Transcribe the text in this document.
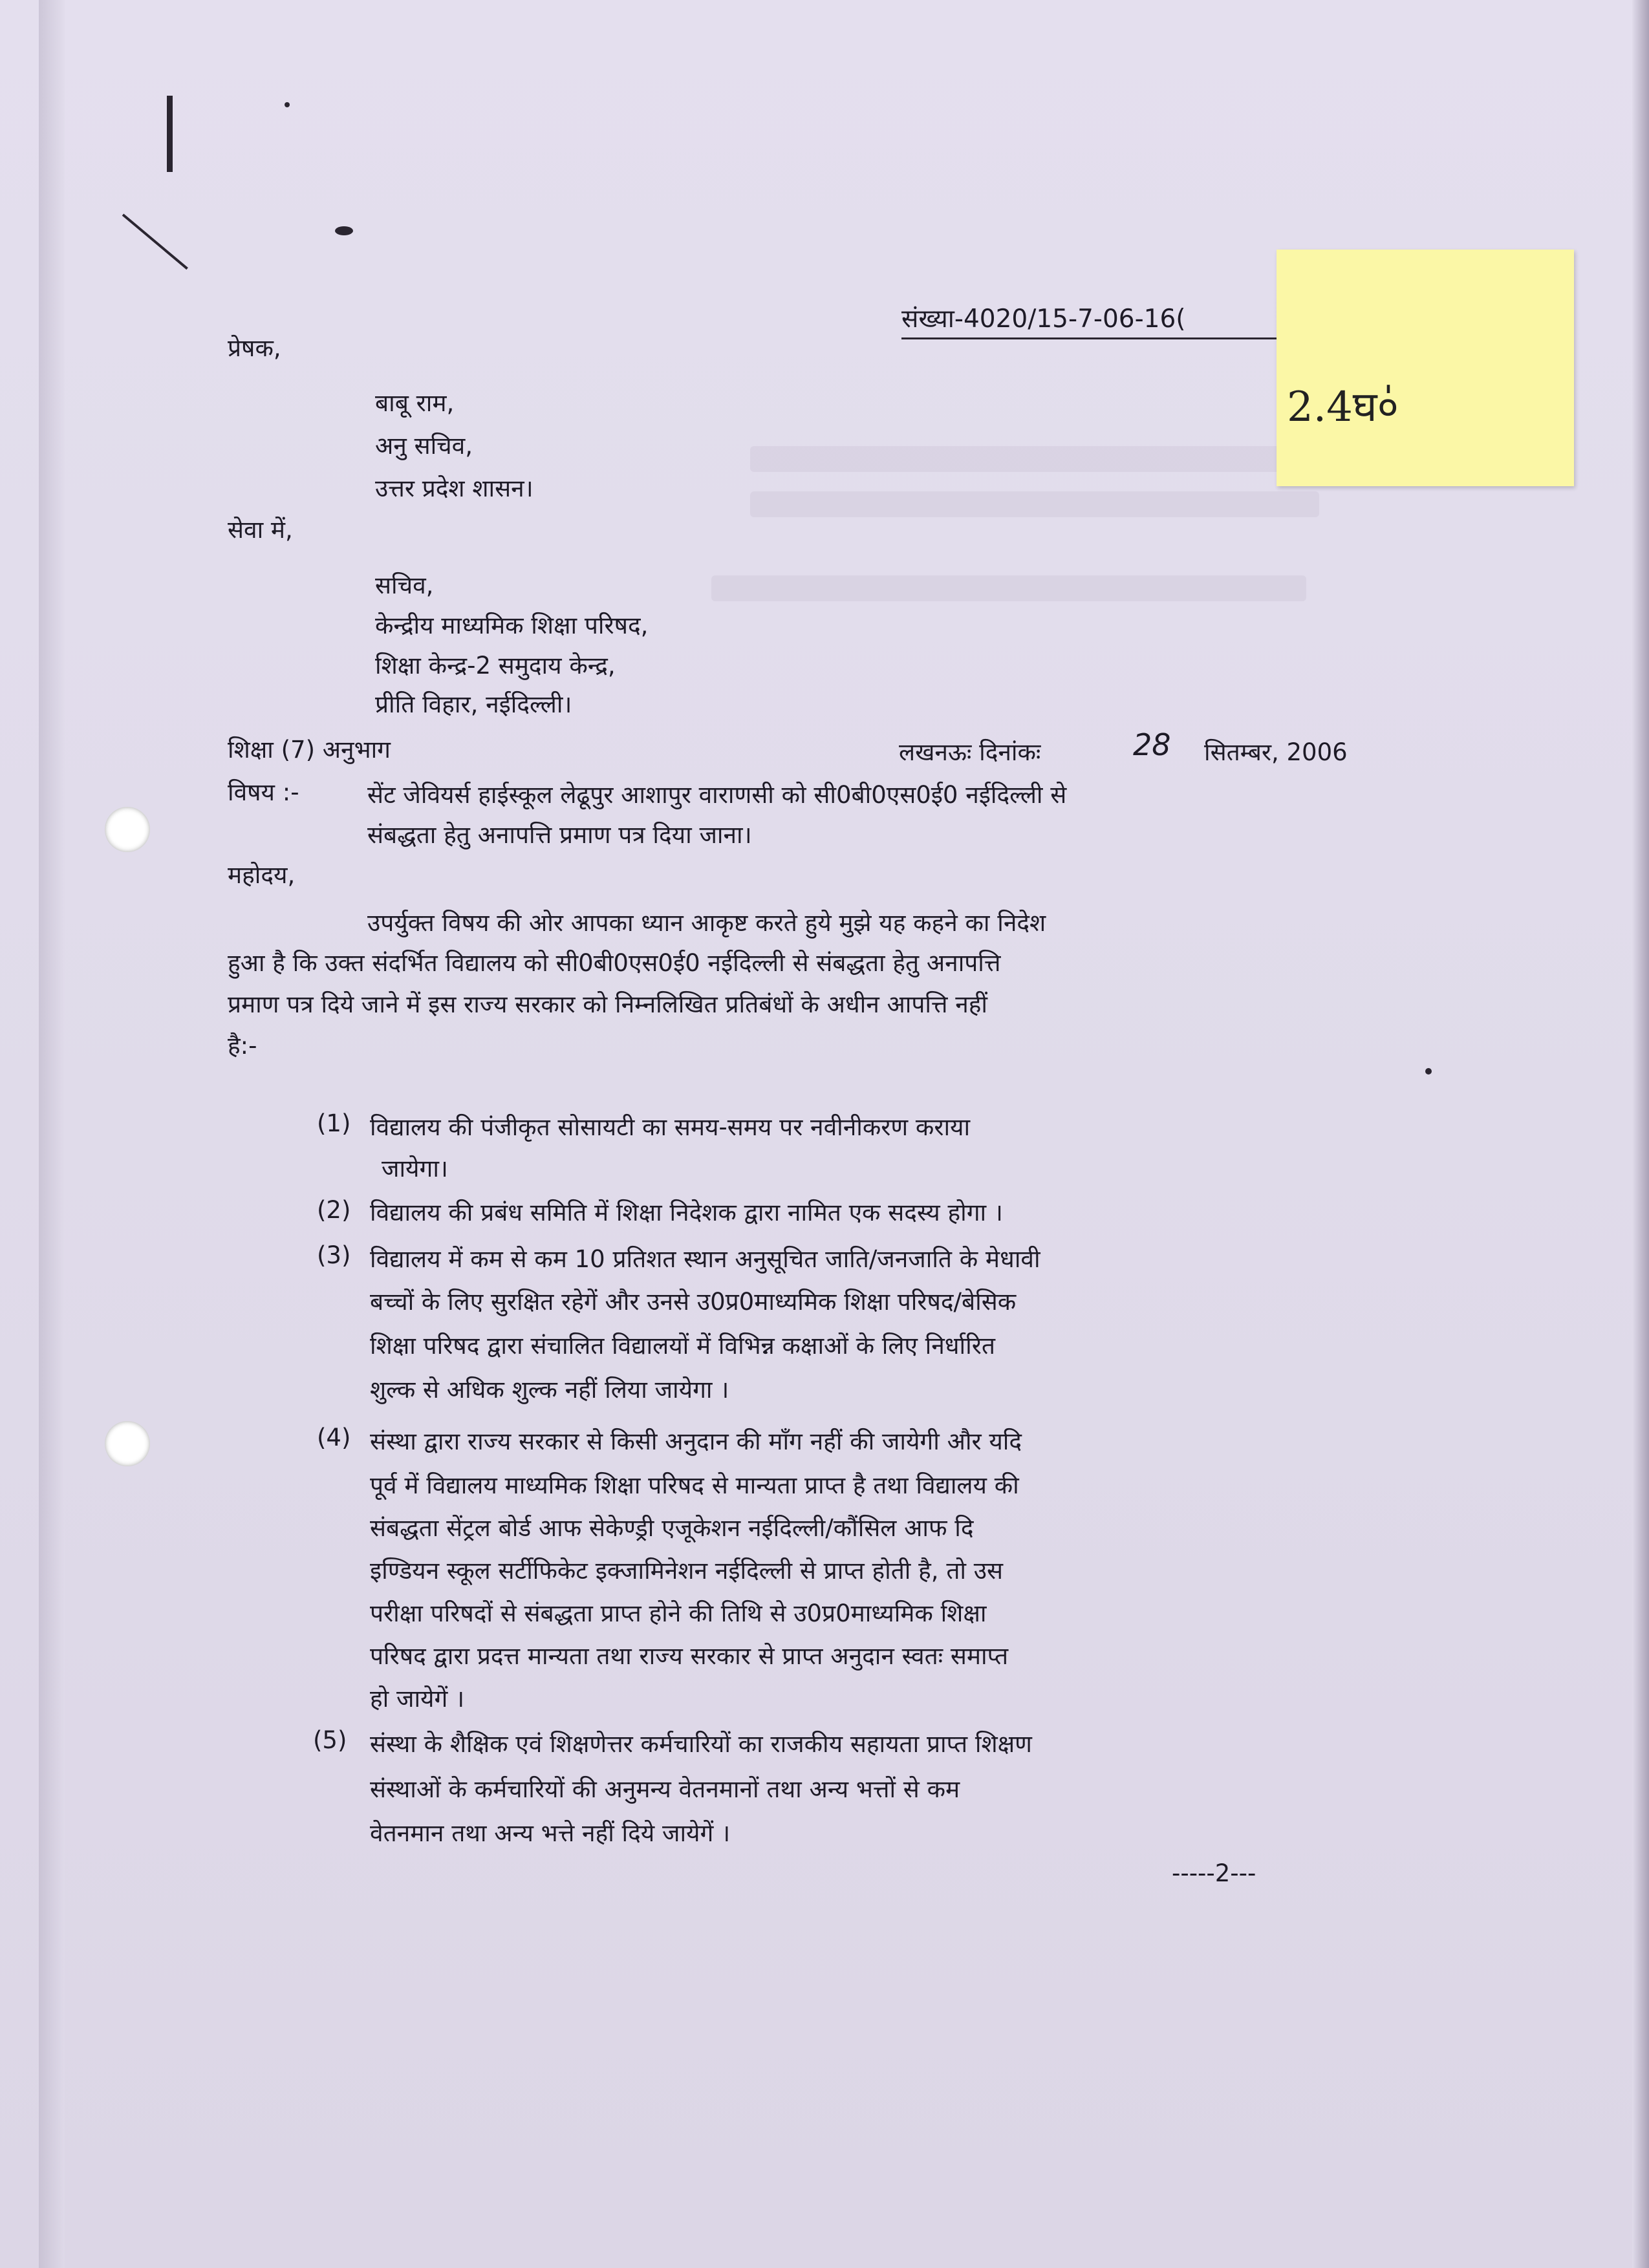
संख्या-4020/15-7-06-16(
2.4घ०॑
प्रेषक,
बाबू राम,
अनु सचिव,
उत्तर प्रदेश शासन।
सेवा में,
सचिव,
केन्द्रीय माध्यमिक शिक्षा परिषद,
शिक्षा केन्द्र-2 समुदाय केन्द्र,
प्रीति विहार, नईदिल्ली।
शिक्षा (7) अनुभाग	लखनऊः दिनांकः	28 सितम्बर, 2006
विषय :-	सेंट जेवियर्स हाईस्कूल लेढूपुर आशापुर वाराणसी को सी0बी0एस0ई0 नईदिल्ली से
संबद्धता हेतु अनापत्ति प्रमाण पत्र दिया जाना।
महोदय,
उपर्युक्त विषय की ओर आपका ध्यान आकृष्ट करते हुये मुझे यह कहने का निदेश
हुआ है कि उक्त संदर्भित विद्यालय को सी0बी0एस0ई0 नईदिल्ली से संबद्धता हेतु अनापत्ति
प्रमाण पत्र दिये जाने में इस राज्य सरकार को निम्नलिखित प्रतिबंधों के अधीन आपत्ति नहीं
है:-
(1) विद्यालय की पंजीकृत सोसायटी का समय-समय पर नवीनीकरण कराया
जायेगा।
(2) विद्यालय की प्रबंध समिति में शिक्षा निदेशक द्वारा नामित एक सदस्य होगा ।
(3) विद्यालय में कम से कम 10 प्रतिशत स्थान अनुसूचित जाति/जनजाति के मेधावी
बच्चों के लिए सुरक्षित रहेगें और उनसे उ0प्र0माध्यमिक शिक्षा परिषद/बेसिक
शिक्षा परिषद द्वारा संचालित विद्यालयों में विभिन्न कक्षाओं के लिए निर्धारित
शुल्क से अधिक शुल्क नहीं लिया जायेगा ।
(4) संस्था द्वारा राज्य सरकार से किसी अनुदान की माँग नहीं की जायेगी और यदि
पूर्व में विद्यालय माध्यमिक शिक्षा परिषद से मान्यता प्राप्त है तथा विद्यालय की
संबद्धता सेंट्रल बोर्ड आफ सेकेण्ड्री एजूकेशन नईदिल्ली/कौंसिल आफ दि
इण्डियन स्कूल सर्टीफिकेट इक्जामिनेशन नईदिल्ली से प्राप्त होती है, तो उस
परीक्षा परिषदों से संबद्धता प्राप्त होने की तिथि से उ0प्र0माध्यमिक शिक्षा
परिषद द्वारा प्रदत्त मान्यता तथा राज्य सरकार से प्राप्त अनुदान स्वतः समाप्त
हो जायेगें ।
(5) संस्था के शैक्षिक एवं शिक्षणेत्तर कर्मचारियों का राजकीय सहायता प्राप्त शिक्षण
संस्थाओं के कर्मचारियों की अनुमन्य वेतनमानों तथा अन्य भत्तों से कम
वेतनमान तथा अन्य भत्ते नहीं दिये जायेगें ।
-----2---
